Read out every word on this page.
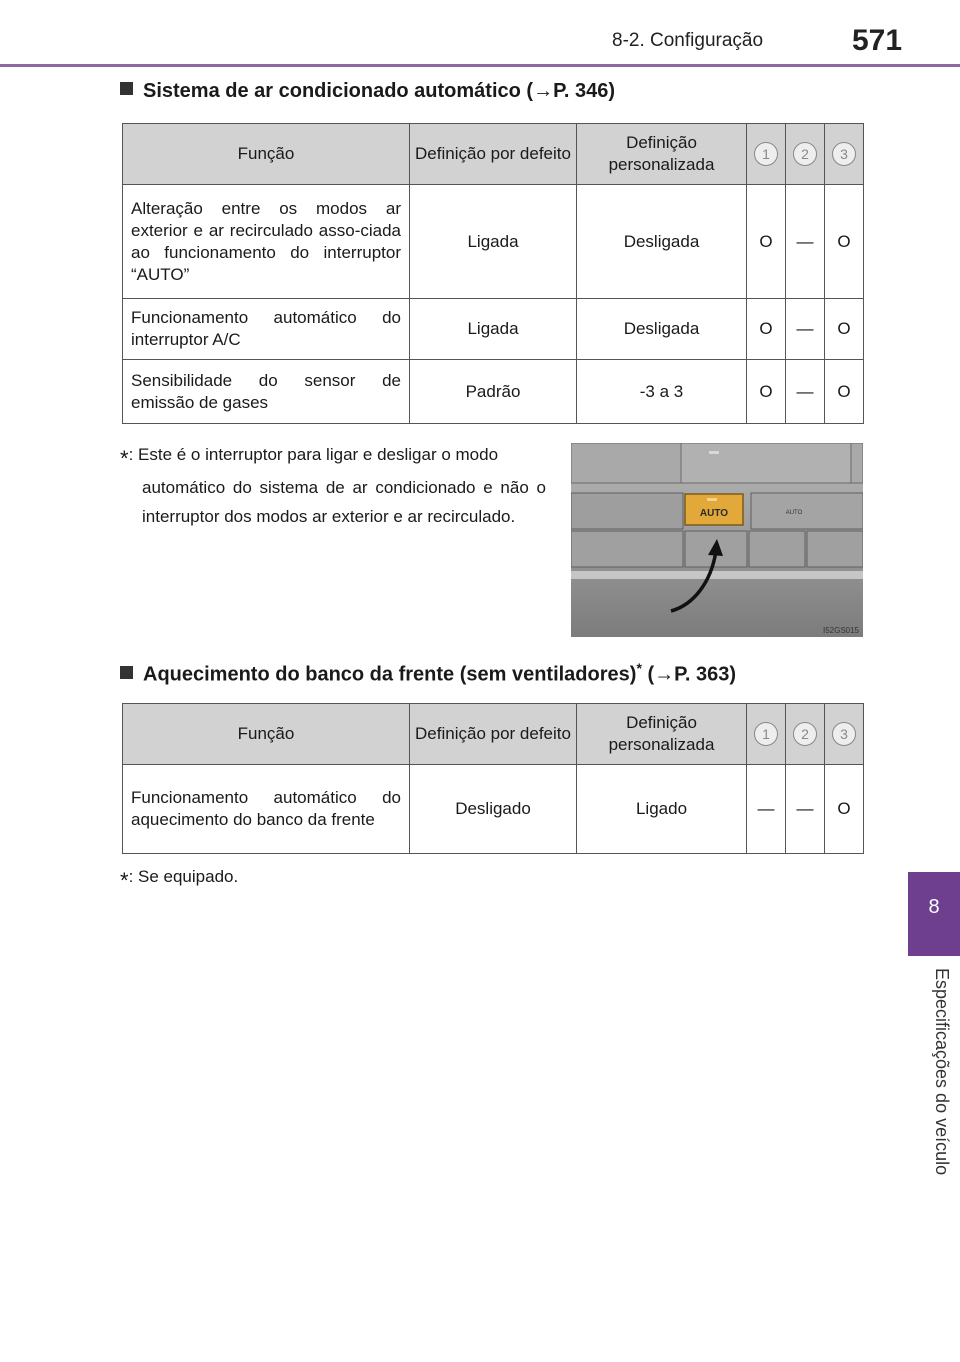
8-2. Configuração	571
8
Especificações do veículo
Sistema de ar condicionado automático (→P. 346)
Função	Definição por defeito	Definição personalizada	1	2	3
Alteração entre os modos ar exterior e ar recirculado asso-ciada ao funcionamento do interruptor “AUTO”	Ligada	Desligada	O	—	O
Funcionamento automático do interruptor A/C	Ligada	Desligada	O	—	O
Sensibilidade do sensor de emissão de gases	Padrão	-3 a 3	O	—	O
*: Este é o interruptor para ligar e desligar o modo
automático do sistema de ar condicionado e não o interruptor dos modos ar exterior e ar recirculado.	AUTO	AUTO
I52GS015
Aquecimento do banco da frente (sem ventiladores)* (→P. 363)
Função	Definição por defeito	Definição personalizada	1	2	3
Funcionamento automático do aquecimento do banco da frente	Desligado	Ligado	—	—	O
*: Se equipado.
